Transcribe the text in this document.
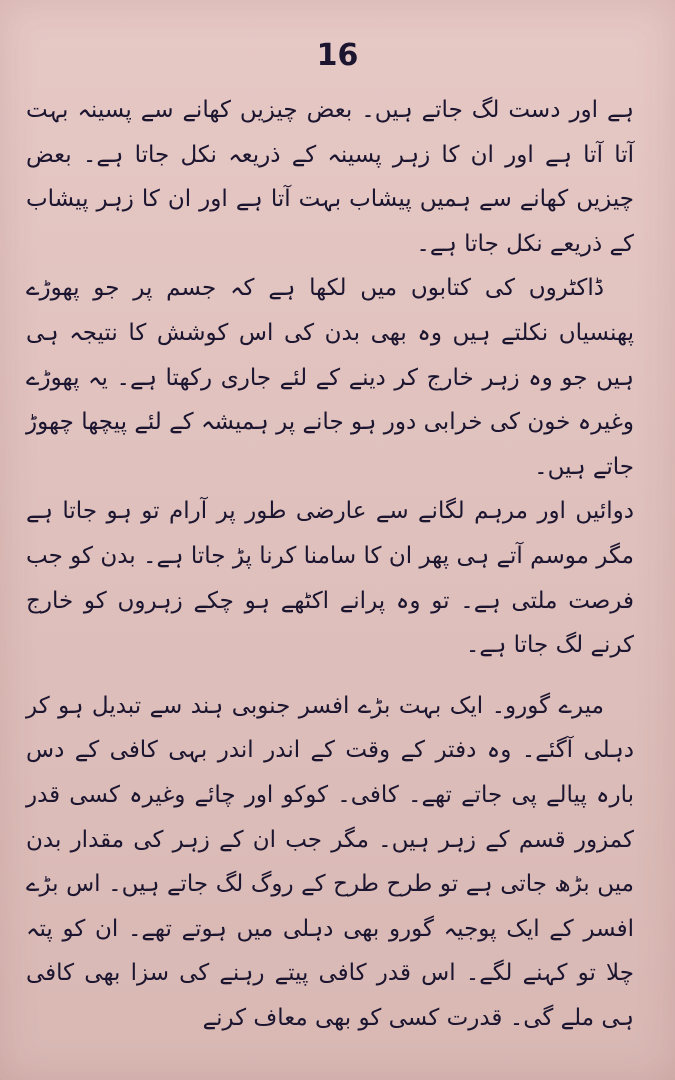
16

ہے اور دست لگ جاتے ہیں۔ بعض چیزیں کھانے سے پسینہ بہت آتا آتا ہے اور ان کا زہر پسینہ کے ذریعہ نکل جاتا ہے۔ بعض چیزیں کھانے سے ہمیں پیشاب بہت آتا ہے اور ان کا زہر پیشاب کے ذریعے نکل جاتا ہے۔

ڈاکٹروں کی کتابوں میں لکھا ہے کہ جسم پر جو پھوڑے پھنسیاں نکلتے ہیں وہ بھی بدن کی اس کوشش کا نتیجہ ہی ہیں جو وہ زہر خارج کر دینے کے لئے جاری رکھتا ہے۔ یہ پھوڑے وغیرہ خون کی خرابی دور ہو جانے پر ہمیشہ کے لئے پیچھا چھوڑ جاتے ہیں۔

دوائیں اور مرہم لگانے سے عارضی طور پر آرام تو ہو جاتا ہے مگر موسم آتے ہی پھر ان کا سامنا کرنا پڑ جاتا ہے۔ بدن کو جب فرصت ملتی ہے۔ تو وہ پرانے اکٹھے ہو چکے زہروں کو خارج کرنے لگ جاتا ہے۔

میرے گورو۔ ایک بہت بڑے افسر جنوبی ہند سے تبدیل ہو کر دہلی آگئے۔ وہ دفتر کے وقت کے اندر اندر بہی کافی کے دس بارہ پیالے پی جاتے تھے۔ کافی۔ کوکو اور چائے وغیرہ کسی قدر کمزور قسم کے زہر ہیں۔ مگر جب ان کے زہر کی مقدار بدن میں بڑھ جاتی ہے تو طرح طرح کے روگ لگ جاتے ہیں۔ اس بڑے افسر کے ایک پوجیہ گورو بھی دہلی میں ہوتے تھے۔ ان کو پتہ چلا تو کہنے لگے۔ اس قدر کافی پیتے رہنے کی سزا بھی کافی ہی ملے گی۔ قدرت کسی کو بھی معاف کرنے
